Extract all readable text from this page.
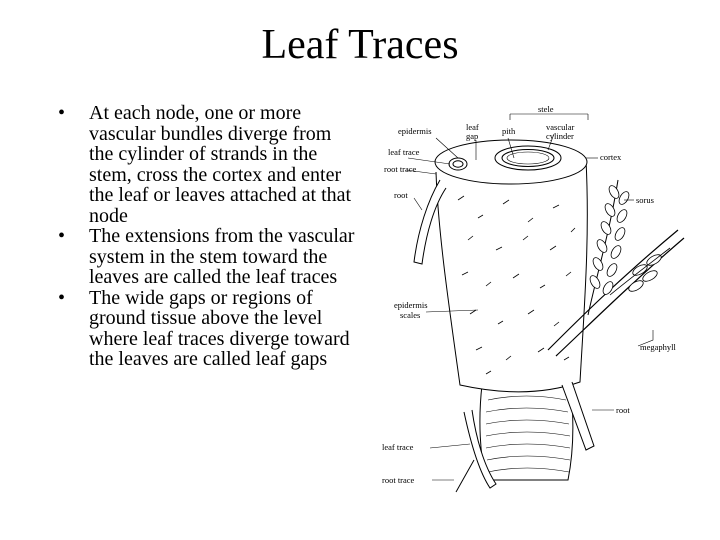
Leaf Traces
•	At each node, one or more vascular bundles diverge from the cylinder of strands in the stem, cross the cortex and enter the leaf or leaves attached at that node
•	The extensions from the vascular system in the stem toward the leaves are called the leaf traces
•	The wide gaps or regions of ground tissue above the level where leaf traces diverge toward the leaves are called leaf gaps
stele
epidermis	leaf
gap	pith	vascular
cylinder
leaf trace	cortex
root trace
root	sorus
epidermis
scales
megaphyll
root
leaf trace
root trace
